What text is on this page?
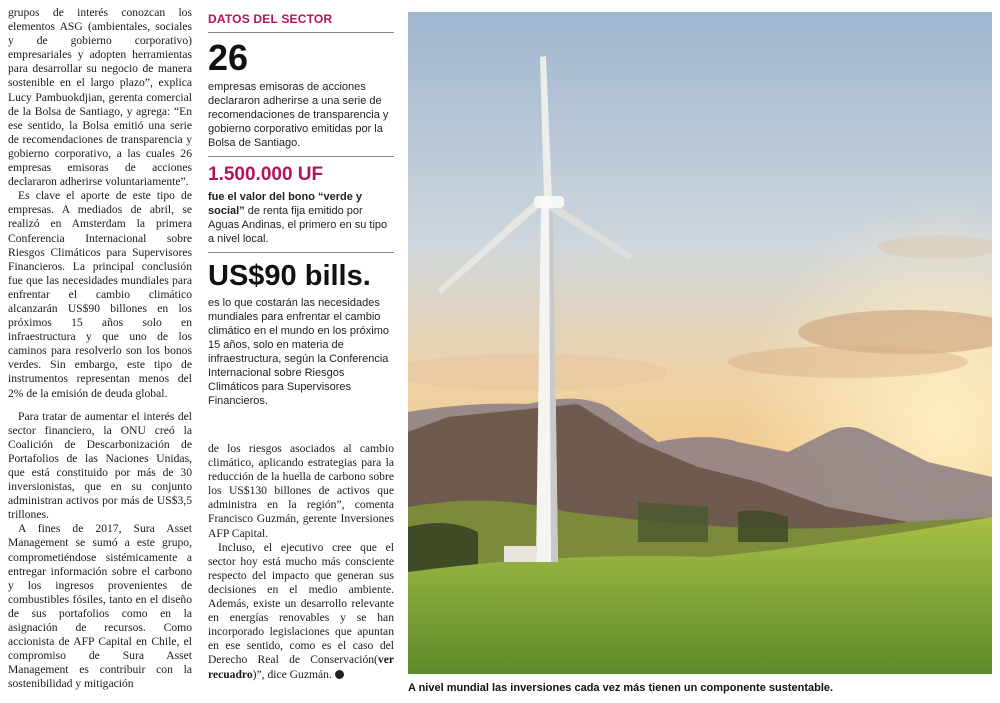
grupos de interés conozcan los elementos ASG (ambientales, sociales y de gobierno corporativo) empresariales y adopten herramientas para desarrollar su negocio de manera sostenible en el largo plazo”, explica Lucy Pambuokdjian, gerenta comercial de la Bolsa de Santiago, y agrega: “En ese sentido, la Bolsa emitió una serie de recomendaciones de transparencia y gobierno corporativo, a las cuales 26 empresas emisoras de acciones declararon adherirse voluntariamente”.

Es clave el aporte de este tipo de empresas. A mediados de abril, se realizó en Amsterdam la primera Conferencia Internacional sobre Riesgos Climáticos para Supervisores Financieros. La principal conclusión fue que las necesidades mundiales para enfrentar el cambio climático alcanzarán US$90 billones en los próximos 15 años solo en infraestructura y que uno de los caminos para resolverlo son los bonos verdes. Sin embargo, este tipo de instrumentos representan menos del 2% de la emisión de deuda global.

Para tratar de aumentar el interés del sector financiero, la ONU creó la Coalición de Descarbonización de Portafolios de las Naciones Unidas, que está constituido por más de 30 inversionistas, que en su conjunto administran activos por más de US$3,5 trillones.

A fines de 2017, Sura Asset Management se sumó a este grupo, comprometiéndose sistémicamente a entregar información sobre el carbono y los ingresos provenientes de combustibles fósiles, tanto en el diseño de sus portafolios como en la asignación de recursos. Como accionista de AFP Capital en Chile, el compromiso de Sura Asset Management es contribuir con la sostenibilidad y mitigación

DATOS DEL SECTOR
26
empresas emisoras de acciones declararon adherirse a una serie de recomendaciones de transparencia y gobierno corporativo emitidas por la Bolsa de Santiago.
1.500.000 UF
fue el valor del bono “verde y social” de renta fija emitido por Aguas Andinas, el primero en su tipo a nivel local.
US$90 bills.
es lo que costarán las necesidades mundiales para enfrentar el cambio climático en el mundo en los próximo 15 años, solo en materia de infraestructura, según la Conferencia Internacional sobre Riesgos Climáticos para Supervisores Financieros.

de los riesgos asociados al cambio climático, aplicando estrategias para la reducción de la huella de carbono sobre los US$130 billones de activos que administra en la región”, comenta Francisco Guzmán, gerente Inversiones AFP Capital.

Incluso, el ejecutivo cree que el sector hoy está mucho más consciente respecto del impacto que generan sus decisiones en el medio ambiente. Además, existe un desarrollo relevante en energías renovables y se han incorporado legislaciones que apuntan en ese sentido, como es el caso del Derecho Real de Conservación(ver recuadro)”, dice Guzmán. ➤

A nivel mundial las inversiones cada vez más tienen un componente sustentable.
